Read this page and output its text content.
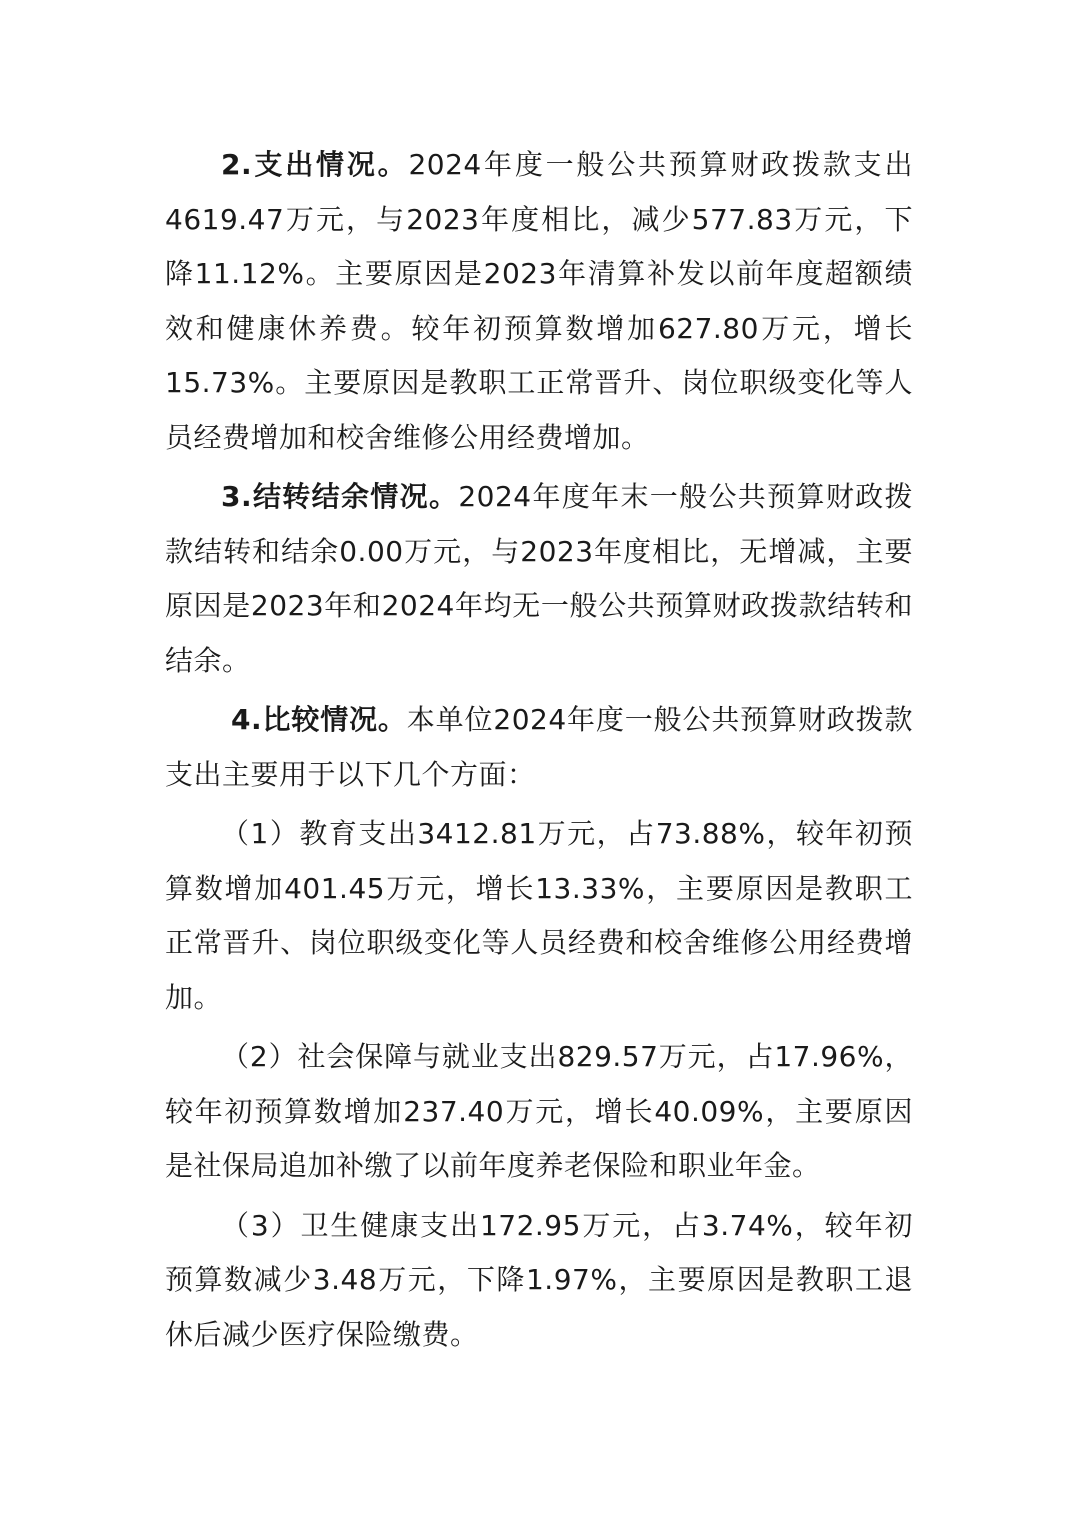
2.支出情况。2024年度一般公共预算财政拨款支出4619.47万元，与2023年度相比，减少577.83万元，下降11.12%。主要原因是2023年清算补发以前年度超额绩效和健康休养费。较年初预算数增加627.80万元，增长15.73%。主要原因是教职工正常晋升、岗位职级变化等人员经费增加和校舍维修公用经费增加。

3.结转结余情况。2024年度年末一般公共预算财政拨款结转和结余0.00万元，与2023年度相比，无增减，主要原因是2023年和2024年均无一般公共预算财政拨款结转和结余。

4.比较情况。本单位2024年度一般公共预算财政拨款支出主要用于以下几个方面：

（1）教育支出3412.81万元，占73.88%，较年初预算数增加401.45万元，增长13.33%，主要原因是教职工正常晋升、岗位职级变化等人员经费和校舍维修公用经费增加。

（2）社会保障与就业支出829.57万元，占17.96%，较年初预算数增加237.40万元，增长40.09%，主要原因是社保局追加补缴了以前年度养老保险和职业年金。

（3）卫生健康支出172.95万元，占3.74%，较年初预算数减少3.48万元，下降1.97%，主要原因是教职工退休后减少医疗保险缴费。
